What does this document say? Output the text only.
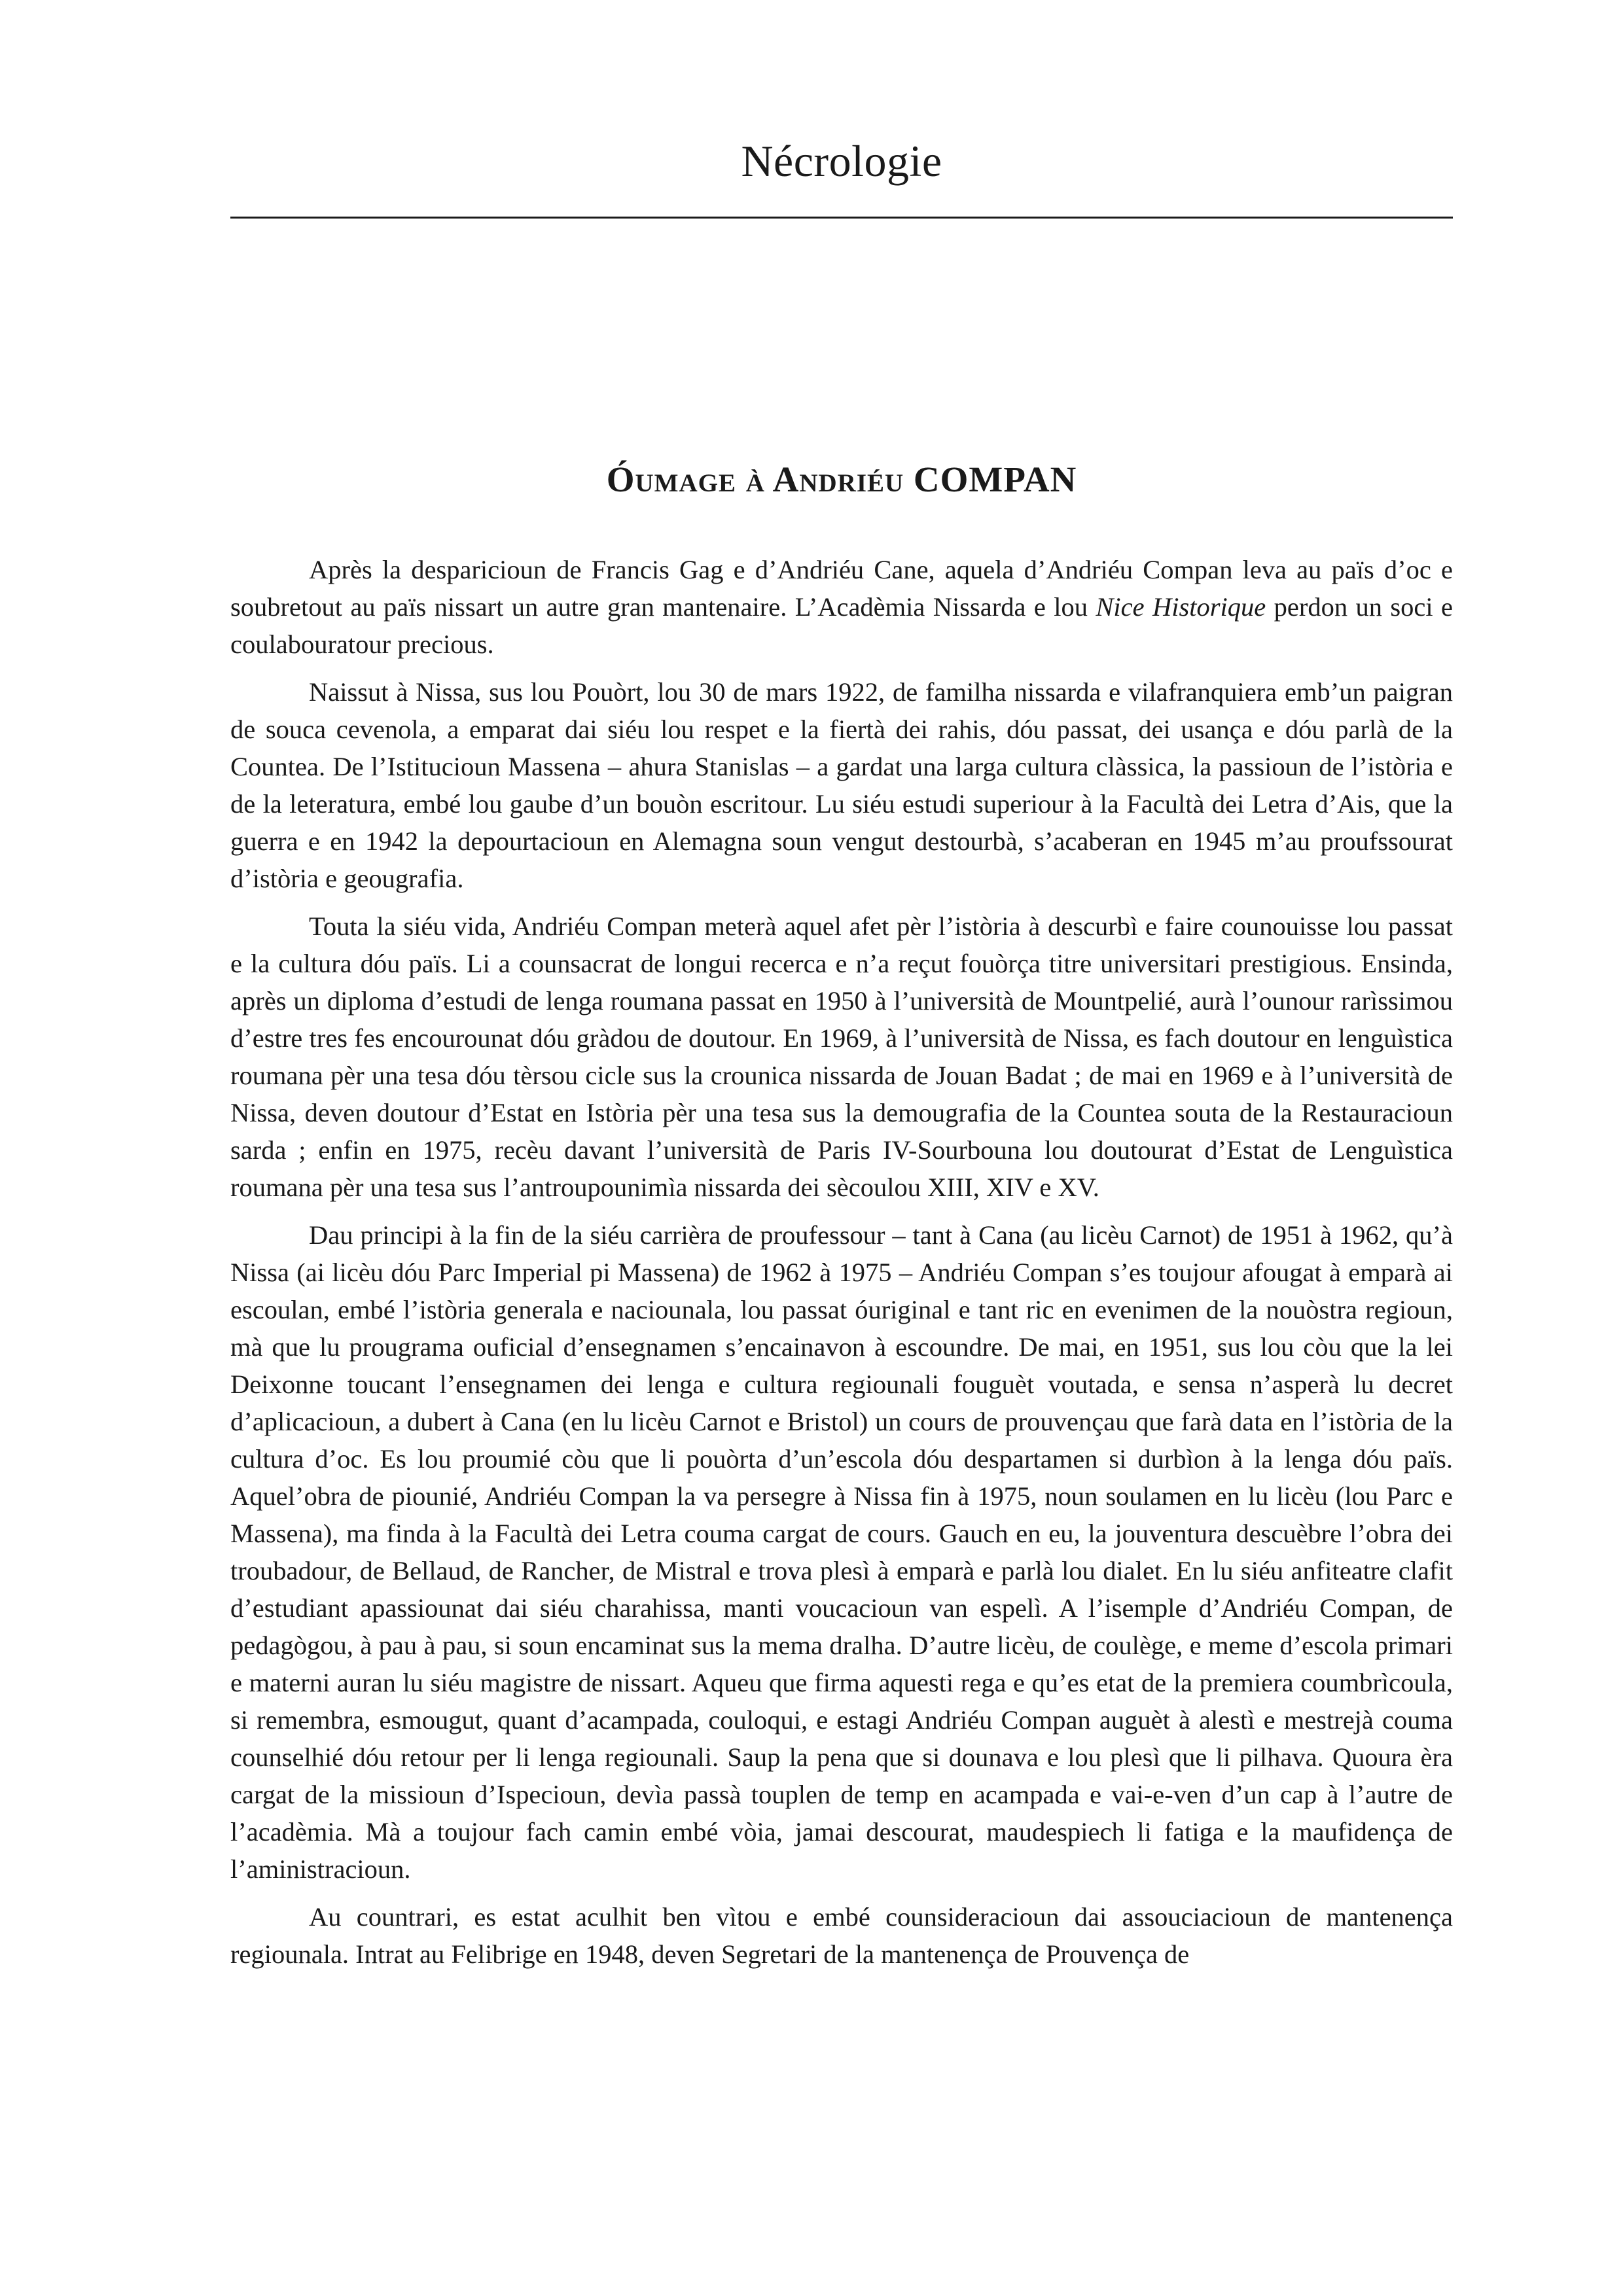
Nécrologie
Óumage à Andriéu COMPAN

Après la desparicioun de Francis Gag e d’Andriéu Cane, aquela d’Andriéu Compan leva au païs d’oc e soubretout au païs nissart un autre gran mantenaire. L’Acadèmia Nissarda e lou Nice Historique perdon un soci e coulabouratour precious.

Naissut à Nissa, sus lou Pouòrt, lou 30 de mars 1922, de familha nissarda e vilafranquiera emb’un paigran de souca cevenola, a emparat dai siéu lou respet e la fiertà dei rahis, dóu passat, dei usança e dóu parlà de la Countea. De l’Istitucioun Massena – ahura Stanislas – a gardat una larga cultura clàssica, la passioun de l’istòria e de la leteratura, embé lou gaube d’un bouòn escritour. Lu siéu estudi superiour à la Facultà dei Letra d’Ais, que la guerra e en 1942 la depourtacioun en Alemagna soun vengut destourbà, s’acaberan en 1945 m’au proufssourat d’istòria e geougrafia.

Touta la siéu vida, Andriéu Compan meterà aquel afet pèr l’istòria à descurbì e faire counouisse lou passat e la cultura dóu païs. Li a counsacrat de longui recerca e n’a reçut fouòrça titre universitari prestigious. Ensinda, après un diploma d’estudi de lenga roumana passat en 1950 à l’università de Mountpelié, aurà l’ounour rarìssimou d’estre tres fes encourounat dóu gràdou de doutour. En 1969, à l’università de Nissa, es fach doutour en lenguìstica roumana pèr una tesa dóu tèrsou cicle sus la crounica nissarda de Jouan Badat ; de mai en 1969 e à l’università de Nissa, deven doutour d’Estat en Istòria pèr una tesa sus la demougrafia de la Countea souta de la Restauracioun sarda ; enfin en 1975, recèu davant l’università de Paris IV-Sourbouna lou doutourat d’Estat de Lenguìstica roumana pèr una tesa sus l’antroupounimìa nissarda dei sècoulou XIII, XIV e XV.

Dau principi à la fin de la siéu carrièra de proufessour – tant à Cana (au licèu Carnot) de 1951 à 1962, qu’à Nissa (ai licèu dóu Parc Imperial pi Massena) de 1962 à 1975 – Andriéu Compan s’es toujour afougat à emparà ai escoulan, embé l’istòria generala e naciounala, lou passat óuriginal e tant ric en evenimen de la nouòstra regioun, mà que lu prougrama ouficial d’ensegnamen s’encainavon à escoundre. De mai, en 1951, sus lou còu que la lei Deixonne toucant l’ensegnamen dei lenga e cultura regiounali fouguèt voutada, e sensa n’asperà lu decret d’aplicacioun, a dubert à Cana (en lu licèu Carnot e Bristol) un cours de prouvençau que farà data en l’istòria de la cultura d’oc. Es lou proumié còu que li pouòrta d’un’escola dóu despartamen si durbìon à la lenga dóu païs. Aquel’obra de piounié, Andriéu Compan la va persegre à Nissa fin à 1975, noun soulamen en lu licèu (lou Parc e Massena), ma finda à la Facultà dei Letra couma cargat de cours. Gauch en eu, la jouventura descuèbre l’obra dei troubadour, de Bellaud, de Rancher, de Mistral e trova plesì à emparà e parlà lou dialet. En lu siéu anfiteatre clafit d’estudiant apassiounat dai siéu charahissa, manti voucacioun van espelì. A l’isemple d’Andriéu Compan, de pedagògou, à pau à pau, si soun encaminat sus la mema dralha. D’autre licèu, de coulège, e meme d’escola primari e materni auran lu siéu magistre de nissart. Aqueu que firma aquesti rega e qu’es etat de la premiera coumbrìcoula, si remembra, esmougut, quant d’acampada, couloqui, e estagi Andriéu Compan auguèt à alestì e mestrejà couma counselhié dóu retour per li lenga regiounali. Saup la pena que si dounava e lou plesì que li pilhava. Quoura èra cargat de la missioun d’Ispecioun, devìa passà touplen de temp en acampada e vai-e-ven d’un cap à l’autre de l’acadèmia. Mà a toujour fach camin embé vòia, jamai descourat, maudespiech li fatiga e la maufidença de l’aministracioun.

Au countrari, es estat aculhit ben vìtou e embé counsideracioun dai assouciacioun de mantenença regiounala. Intrat au Felibrige en 1948, deven Segretari de la mantenença de Prouvença de
